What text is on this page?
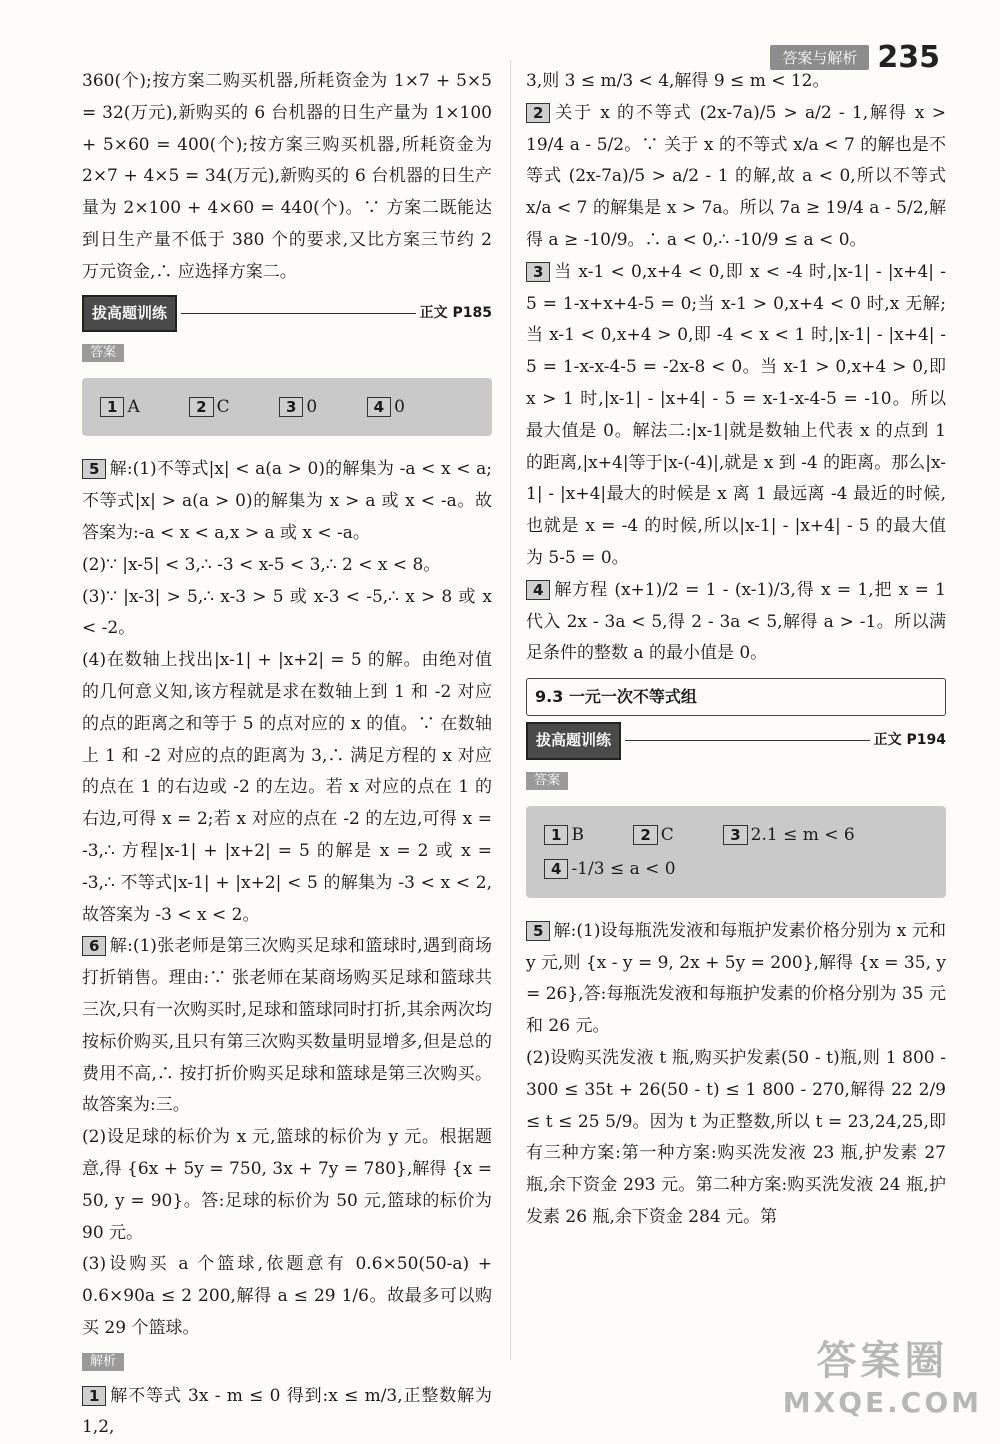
答案与解析 235

360(个);按方案二购买机器,所耗资金为 1×7 + 5×5 = 32(万元),新购买的 6 台机器的日生产量为 1×100 + 5×60 = 400(个);按方案三购买机器,所耗资金为 2×7 + 4×5 = 34(万元),新购买的 6 台机器的日生产量为 2×100 + 4×60 = 440(个)。∵ 方案二既能达到日生产量不低于 380 个的要求,又比方案三节约 2 万元资金,∴ 应选择方案二。

拔高题训练	正文 P185
答案
1 A	2 C	3 0	4 0

5 解:(1)不等式|x| < a(a > 0)的解集为 -a < x < a;不等式|x| > a(a > 0)的解集为 x > a 或 x < -a。故答案为:-a < x < a,x > a 或 x < -a。

(2)∵ |x-5| < 3,∴ -3 < x-5 < 3,∴ 2 < x < 8。

(3)∵ |x-3| > 5,∴ x-3 > 5 或 x-3 < -5,∴ x > 8 或 x < -2。

(4)在数轴上找出|x-1| + |x+2| = 5 的解。由绝对值的几何意义知,该方程就是求在数轴上到 1 和 -2 对应的点的距离之和等于 5 的点对应的 x 的值。∵ 在数轴上 1 和 -2 对应的点的距离为 3,∴ 满足方程的 x 对应的点在 1 的右边或 -2 的左边。若 x 对应的点在 1 的右边,可得 x = 2;若 x 对应的点在 -2 的左边,可得 x = -3,∴ 方程|x-1| + |x+2| = 5 的解是 x = 2 或 x = -3,∴ 不等式|x-1| + |x+2| < 5 的解集为 -3 < x < 2,故答案为 -3 < x < 2。

6 解:(1)张老师是第三次购买足球和篮球时,遇到商场打折销售。理由:∵ 张老师在某商场购买足球和篮球共三次,只有一次购买时,足球和篮球同时打折,其余两次均按标价购买,且只有第三次购买数量明显增多,但是总的费用不高,∴ 按打折价购买足球和篮球是第三次购买。故答案为:三。

(2)设足球的标价为 x 元,篮球的标价为 y 元。根据题意,得 {6x + 5y = 750, 3x + 7y = 780},解得 {x = 50, y = 90}。答:足球的标价为 50 元,篮球的标价为 90 元。

(3)设购买 a 个篮球,依题意有 0.6×50(50-a) + 0.6×90a ≤ 2 200,解得 a ≤ 29 1/6。故最多可以购买 29 个篮球。

解析

1 解不等式 3x - m ≤ 0 得到:x ≤ m/3,正整数解为 1,2,

3,则 3 ≤ m/3 < 4,解得 9 ≤ m < 12。

2 关于 x 的不等式 (2x-7a)/5 > a/2 - 1,解得 x > 19/4 a - 5/2。∵ 关于 x 的不等式 x/a < 7 的解也是不等式 (2x-7a)/5 > a/2 - 1 的解,故 a < 0,所以不等式 x/a < 7 的解集是 x > 7a。所以 7a ≥ 19/4 a - 5/2,解得 a ≥ -10/9。∴ a < 0,∴ -10/9 ≤ a < 0。

3 当 x-1 < 0,x+4 < 0,即 x < -4 时,|x-1| - |x+4| - 5 = 1-x+x+4-5 = 0;当 x-1 > 0,x+4 < 0 时,x 无解;当 x-1 < 0,x+4 > 0,即 -4 < x < 1 时,|x-1| - |x+4| - 5 = 1-x-x-4-5 = -2x-8 < 0。当 x-1 > 0,x+4 > 0,即 x > 1 时,|x-1| - |x+4| - 5 = x-1-x-4-5 = -10。所以最大值是 0。解法二:|x-1|就是数轴上代表 x 的点到 1 的距离,|x+4|等于|x-(-4)|,就是 x 到 -4 的距离。那么|x-1| - |x+4|最大的时候是 x 离 1 最远离 -4 最近的时候,也就是 x = -4 的时候,所以|x-1| - |x+4| - 5 的最大值为 5-5 = 0。

4 解方程 (x+1)/2 = 1 - (x-1)/3,得 x = 1,把 x = 1 代入 2x - 3a < 5,得 2 - 3a < 5,解得 a > -1。所以满足条件的整数 a 的最小值是 0。

9.3 一元一次不等式组
拔高题训练	正文 P194
答案
1 B	2 C	3 2.1 ≤ m < 6
4 -1/3 ≤ a < 0

5 解:(1)设每瓶洗发液和每瓶护发素价格分别为 x 元和 y 元,则 {x - y = 9, 2x + 5y = 200},解得 {x = 35, y = 26},答:每瓶洗发液和每瓶护发素的价格分别为 35 元和 26 元。

(2)设购买洗发液 t 瓶,购买护发素(50 - t)瓶,则 1 800 - 300 ≤ 35t + 26(50 - t) ≤ 1 800 - 270,解得 22 2/9 ≤ t ≤ 25 5/9。因为 t 为正整数,所以 t = 23,24,25,即有三种方案:第一种方案:购买洗发液 23 瓶,护发素 27 瓶,余下资金 293 元。第二种方案:购买洗发液 24 瓶,护发素 26 瓶,余下资金 284 元。第

答案圈
MXQE.COM
